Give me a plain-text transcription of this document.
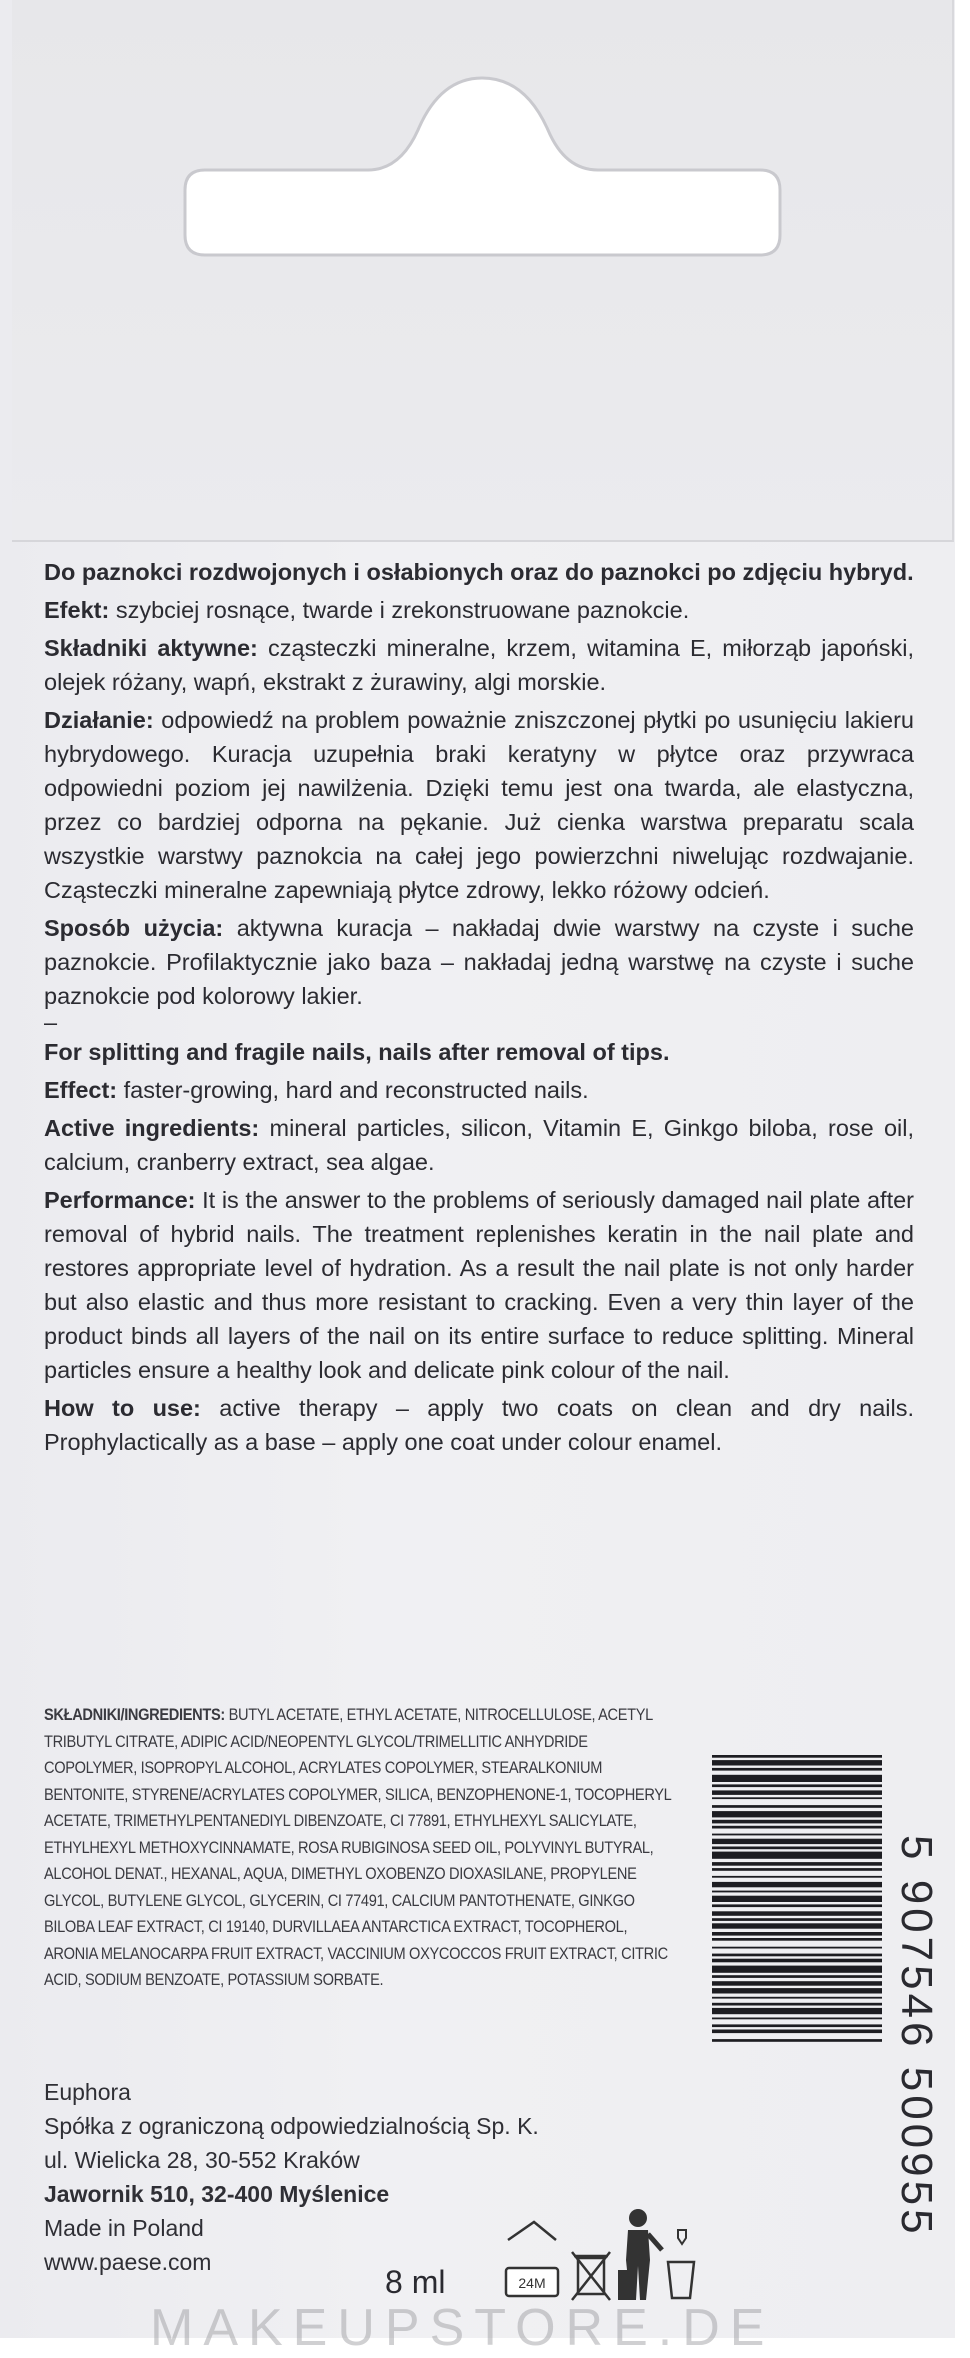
Do paznokci rozdwojonych i osłabionych oraz do paznokci po zdjęciu hybryd.

Efekt: szybciej rosnące, twarde i zrekonstruowane paznokcie.

Składniki aktywne: cząsteczki mineralne, krzem, witamina E, miłorząb japoński, olejek różany, wapń, ekstrakt z żurawiny, algi morskie.

Działanie: odpowiedź na problem poważnie zniszczonej płytki po usunięciu lakieru hybrydowego. Kuracja uzupełnia braki keratyny w płytce oraz przywraca odpowiedni poziom jej nawilżenia. Dzięki temu jest ona twarda, ale elastyczna, przez co bardziej odporna na pękanie. Już cienka warstwa preparatu scala wszystkie warstwy paznokcia na całej jego powierzchni niwelując rozdwajanie. Cząsteczki mineralne zapewniają płytce zdrowy, lekko różowy odcień.

Sposób użycia: aktywna kuracja – nakładaj dwie warstwy na czyste i suche paznokcie. Profilaktycznie jako baza – nakładaj jedną warstwę na czyste i suche paznokcie pod kolorowy lakier.

–

For splitting and fragile nails, nails after removal of tips.

Effect: faster-growing, hard and reconstructed nails.

Active ingredients: mineral particles, silicon, Vitamin E, Ginkgo biloba, rose oil, calcium, cranberry extract, sea algae.

Performance: It is the answer to the problems of seriously damaged nail plate after removal of hybrid nails. The treatment replenishes keratin in the nail plate and restores appropriate level of hydration. As a result the nail plate is not only harder but also elastic and thus more resistant to cracking. Even a very thin layer of the product binds all layers of the nail on its entire surface to reduce splitting. Mineral particles ensure a healthy look and delicate pink colour of the nail.

How to use: active therapy – apply two coats on clean and dry nails. Prophylactically as a base – apply one coat under colour enamel.

SKŁADNIKI/INGREDIENTS: BUTYL ACETATE, ETHYL ACETATE, NITROCELLULOSE, ACETYL TRIBUTYL CITRATE, ADIPIC ACID/NEOPENTYL GLYCOL/TRIMELLITIC ANHYDRIDE COPOLYMER, ISOPROPYL ALCOHOL, ACRYLATES COPOLYMER, STEARALKONIUM BENTONITE, STYRENE/ACRYLATES COPOLYMER, SILICA, BENZOPHENONE-1, TOCOPHERYL ACETATE, TRIMETHYLPENTANEDIYL DIBENZOATE, CI 77891, ETHYLHEXYL SALICYLATE, ETHYLHEXYL METHOXYCINNAMATE, ROSA RUBIGINOSA SEED OIL, POLYVINYL BUTYRAL, ALCOHOL DENAT., HEXANAL, AQUA, DIMETHYL OXOBENZO DIOXASILANE, PROPYLENE GLYCOL, BUTYLENE GLYCOL, GLYCERIN, CI 77491, CALCIUM PANTOTHENATE, GINKGO BILOBA LEAF EXTRACT, CI 19140, DURVILLAEA ANTARCTICA EXTRACT, TOCOPHEROL, ARONIA MELANOCARPA FRUIT EXTRACT, VACCINIUM OXYCOCCOS FRUIT EXTRACT, CITRIC ACID, SODIUM BENZOATE, POTASSIUM SORBATE.
Euphora
Spółka z ograniczoną odpowiedzialnością Sp. K.
ul. Wielicka 28, 30-552 Kraków
Jawornik 510, 32-400 Myślenice
Made in Poland
www.paese.com
8 ml	24M
5 907546 500955
MAKEUPSTORE.DE
